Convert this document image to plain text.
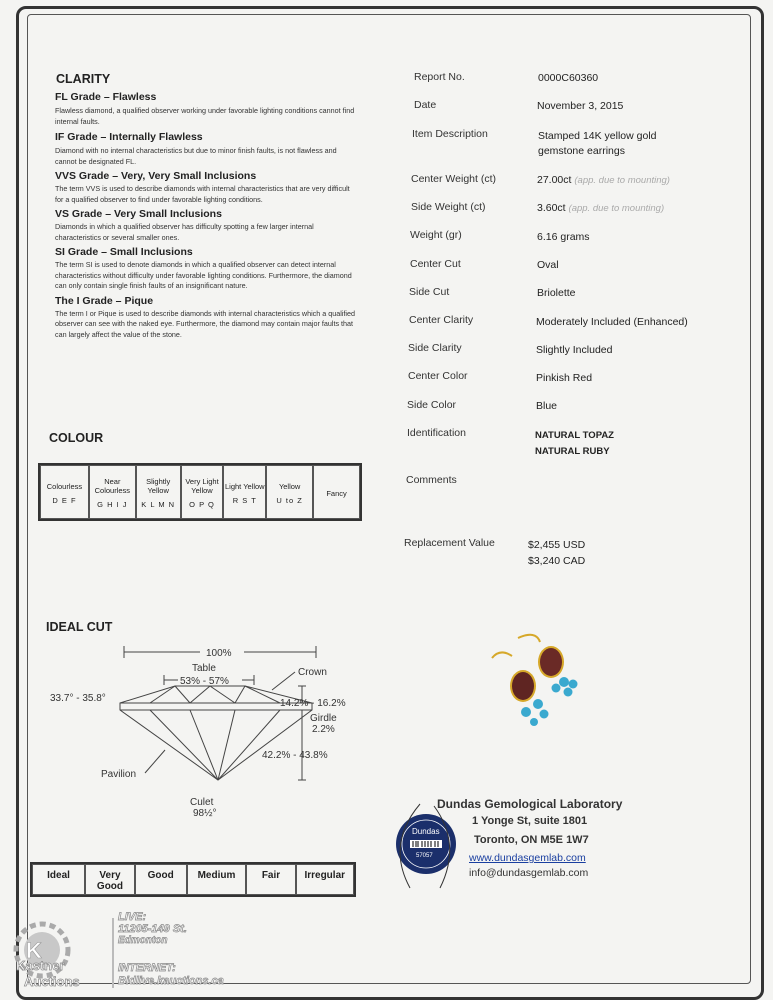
CLARITY
FL Grade – Flawless
Flawless diamond, a qualified observer working under favorable lighting conditions cannot find internal faults.
IF Grade – Internally Flawless
Diamond with no internal characteristics but due to minor finish faults, is not flawless and cannot be designated FL.
VVS Grade – Very, Very Small Inclusions
The term VVS is used to describe diamonds with internal characteristics that are very difficult for a qualified observer to find under favorable lighting conditions.
VS Grade – Very Small Inclusions
Diamonds in which a qualified observer has difficulty spotting a few larger internal characteristics or several smaller ones.
SI Grade – Small Inclusions
The term SI is used to denote diamonds in which a qualified observer can detect internal characteristics without difficulty under favorable lighting conditions. Furthermore, the diamond can only contain single finish faults of an insignificant nature.
The I Grade – Pique
The term I or Pique is used to describe diamonds with internal characteristics which a qualified observer can see with the naked eye. Furthermore, the diamond may contain major faults that can largely affect the value of the stone.
Report No.	0000C60360
Date	November 3, 2015
Item Description	Stamped 14K yellow gold
gemstone earrings
Center Weight (ct)	27.00ct (app. due to mounting)
Side Weight (ct)	3.60ct (app. due to mounting)
Weight (gr)	6.16 grams
Center Cut	Oval
Side Cut	Briolette
Center Clarity	Moderately Included (Enhanced)
Side Clarity	Slightly Included
Center Color	Pinkish Red
Side Color	Blue
Identification	NATURAL TOPAZ
NATURAL RUBY
Comments
Replacement Value	$2,455 USD
$3,240 CAD
COLOUR
Colourless
D E F

Near Colourless
G H I J

Slightly Yellow
K L M N

Very Light Yellow
O P Q

Light Yellow
R S T

Yellow
U to Z

Fancy
IDEAL CUT
100%
Table
53% - 57%
Crown
33.7° - 35.8°	14.2% - 16.2%
Girdle
2.2%
42.2% - 43.8%
Pavilion
Culet
98½°
Ideal	Very Good	Good	Medium	Fair	Irregular
Dundas
57057
Dundas Gemological Laboratory
1 Yonge St, suite 1801
Toronto, ON M5E 1W7
www.dundasgemlab.com
info@dundasgemlab.com
K
Kastner
Auctions
LIVE:
11205-149 St.
Edmonton
INTERNET:
Bidlive.kauctions.ca
